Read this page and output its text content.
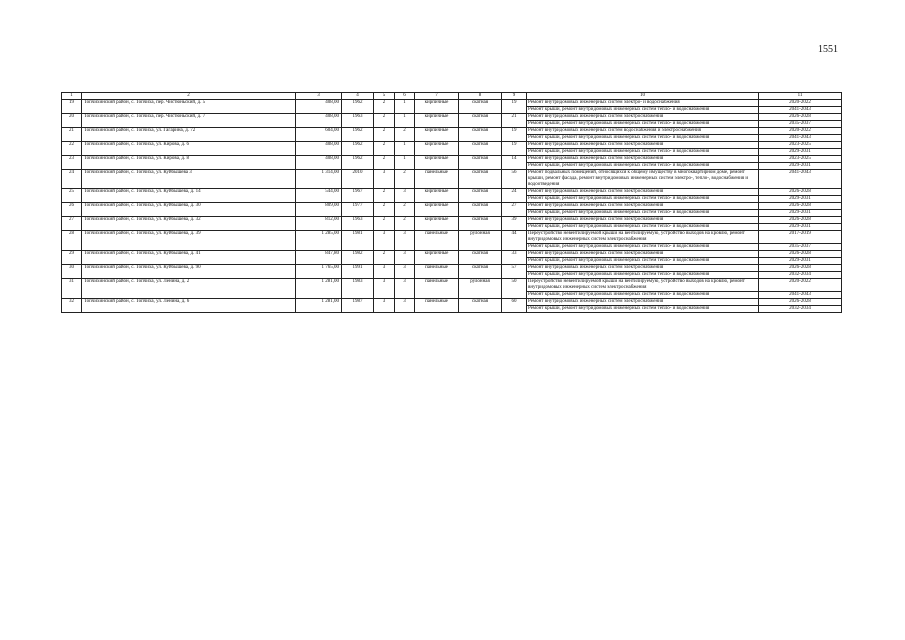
1551
1	2	3	4	5	6	7	8	9	10	11
19	Топчихинский район, с. Топчиха, пер. Чистюньский, д. 5	408,00	1962	2	1	кирпичные	скатная	19	Ремонт внутридомовых инженерных систем электро- и водоснабжения	2020-2022
									Ремонт крыши, ремонт внутридомовых инженерных систем тепло- и водоснабжения	2041-2043
20	Топчихинский район, с. Топчиха, пер. Чистюньский, д. 7	408,00	1963	2	1	кирпичные	скатная	21	Ремонт внутридомовых инженерных систем электроснабжения	2026-2028
									Ремонт крыши, ремонт внутридомовых инженерных систем тепло- и водоснабжения	2035-2037
21	Топчихинский район, с. Топчиха, ул. Гагарина, д. 72	604,00	1962	2	2	кирпичные	скатная	19	Ремонт внутридомовых инженерных систем водоснабжения и электроснабжения	2020-2022
									Ремонт крыши, ремонт внутридомовых инженерных систем тепло- и водоснабжения	2041-2043
22	Топчихинский район, с. Топчиха, ул. Кирова, д. 6	408,00	1962	2	1	кирпичные	скатная	19	Ремонт внутридомовых инженерных систем электроснабжения	2023-2025
									Ремонт крыши, ремонт внутридомовых инженерных систем тепло- и водоснабжения	2029-2031
23	Топчихинский район, с. Топчиха, ул. Кирова, д. 8	408,00	1962	2	1	кирпичные	скатная	14	Ремонт внутридомовых инженерных систем электроснабжения	2023-2025
									Ремонт крыши, ремонт внутридомовых инженерных систем тепло- и водоснабжения	2029-2031
24	Топчихинский район, с. Топчиха, ул. Куйбышева 3	1 314,00	2010	3	2	панельные	скатная	56	Ремонт подвальных помещений, относящихся к общему имуществу в многоквартирном доме, ремонт крыши, ремонт фасада, ремонт внутридомовых инженерных систем электро-, тепло-, водоснабжения и водоотведения	2041-2043
25	Топчихинский район, с. Топчиха, ул. Куйбышева, д. 14	544,00	1967	2	3	кирпичные	скатная	24	Ремонт внутридомовых инженерных систем электроснабжения	2026-2028
									Ремонт крыши, ремонт внутридомовых инженерных систем тепло- и водоснабжения	2029-2031
26	Топчихинский район, с. Топчиха, ул. Куйбышева, д. 30	809,00	1977	2	2	кирпичные	скатная	27	Ремонт внутридомовых инженерных систем электроснабжения	2026-2028
									Ремонт крыши, ремонт внутридомовых инженерных систем тепло- и водоснабжения	2029-2031
27	Топчихинский район, с. Топчиха, ул. Куйбышева, д. 32	812,00	1963	2	2	кирпичные	скатная	39	Ремонт внутридомовых инженерных систем электроснабжения	2026-2028
									Ремонт крыши, ремонт внутридомовых инженерных систем тепло- и водоснабжения	2029-2031
28	Топчихинский район, с. Топчиха, ул. Куйбышева, д. 39	1 285,00	1981	3	3	панельные	рулонная	44	Переустройство невентилируемой крыши на вентилируемую, устройство выходов на кровлю, ремонт внутридомовых инженерных систем электроснабжения	2017-2019
									Ремонт крыши, ремонт внутридомовых инженерных систем тепло- и водоснабжения	2035-2037
29	Топчихинский район, с. Топчиха, ул. Куйбышева, д. 41	847,80	1982	2	3	кирпичные	скатная	33	Ремонт внутридомовых инженерных систем электроснабжения	2026-2028
									Ремонт крыши, ремонт внутридомовых инженерных систем тепло- и водоснабжения	2029-2031
30	Топчихинский район, с. Топчиха, ул. Куйбышева, д. 90	1 765,00	1991	3	3	панельные	скатная	57	Ремонт внутридомовых инженерных систем электроснабжения	2026-2028
									Ремонт крыши, ремонт внутридомовых инженерных систем тепло- и водоснабжения	2032-2034
31	Топчихинский район, с. Топчиха, ул. Ленина, д. 2	1 281,00	1983	3	3	панельные	рулонная	50	Переустройство невентилируемой крыши на вентилируемую, устройство выходов на кровлю, ремонт внутридомовых инженерных систем электроснабжения	2020-2022
									Ремонт крыши, ремонт внутридомовых инженерных систем тепло- и водоснабжения	2041-2043
32	Топчихинский район, с. Топчиха, ул. Ленина, д. 6	1 281,00	1987	3	3	панельные	скатная	60	Ремонт внутридомовых инженерных систем электроснабжения	2026-2028
									Ремонт крыши, ремонт внутридомовых инженерных систем тепло- и водоснабжения	2032-2034
